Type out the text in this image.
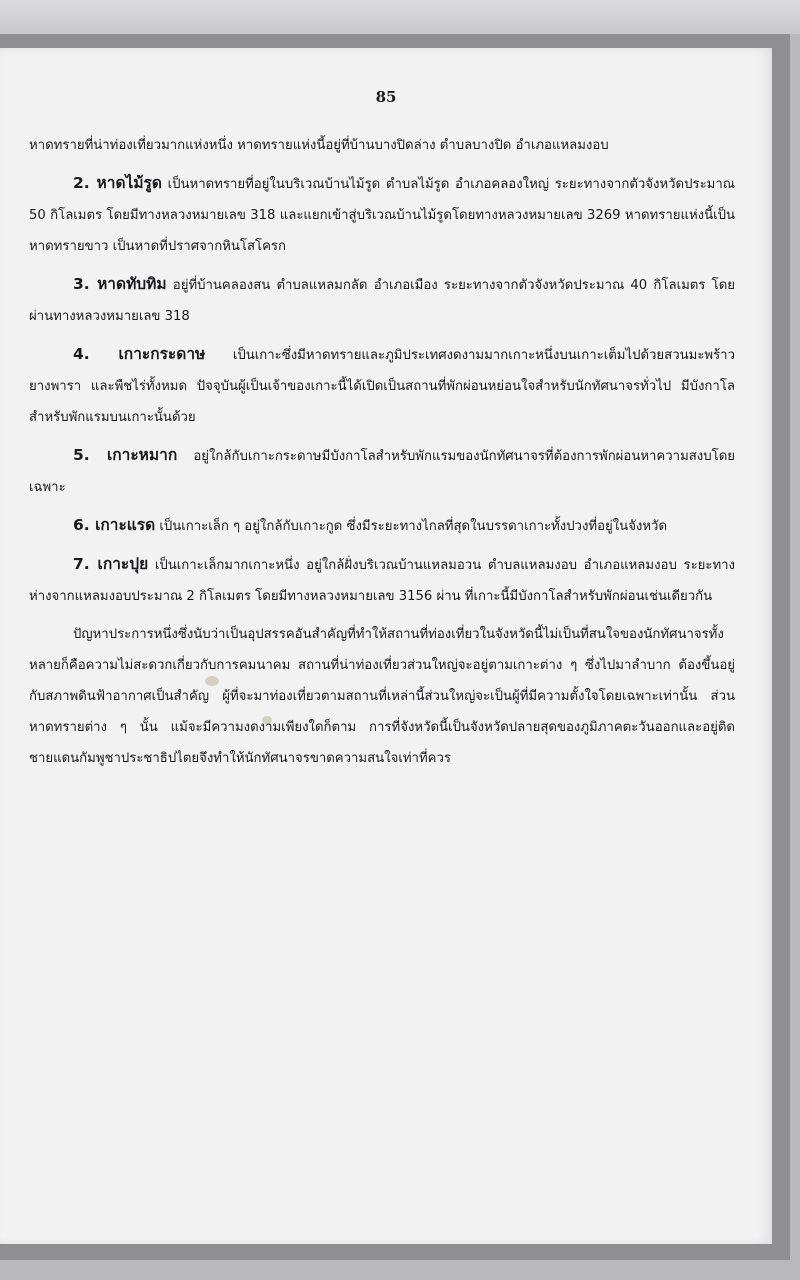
85

หาดทรายที่น่าท่องเที่ยวมากแห่งหนึ่ง หาดทรายแห่งนี้อยู่ที่บ้านบางปิดล่าง ตำบลบางปิด อำเภอแหลมงอบ

2. หาดไม้รูด เป็นหาดทรายที่อยู่ในบริเวณบ้านไม้รูด ตำบลไม้รูด อำเภอคลองใหญ่ ระยะทางจากตัวจังหวัดประมาณ 50 กิโลเมตร โดยมีทางหลวงหมายเลข 318 และแยกเข้าสู่บริเวณบ้านไม้รูดโดยทางหลวงหมายเลข 3269 หาดทรายแห่งนี้เป็นหาดทรายขาว เป็นหาดที่ปราศจากหินโสโครก

3. หาดทับทิม อยู่ที่บ้านคลองสน ตำบลแหลมกลัด อำเภอเมือง ระยะทางจากตัวจังหวัดประมาณ 40 กิโลเมตร โดยผ่านทางหลวงหมายเลข 318

4. เกาะกระดาษ เป็นเกาะซึ่งมีหาดทรายและภูมิประเทศงดงามมากเกาะหนึ่งบนเกาะเต็มไปด้วยสวนมะพร้าว ยางพารา และพืชไร่ทั้งหมด ปัจจุบันผู้เป็นเจ้าของเกาะนี้ได้เปิดเป็นสถานที่พักผ่อนหย่อนใจสำหรับนักทัศนาจรทั่วไป มีบังกาโลสำหรับพักแรมบนเกาะนั้นด้วย

5. เกาะหมาก อยู่ใกล้กับเกาะกระดาษมีบังกาโลสำหรับพักแรมของนักทัศนาจรที่ต้องการพักผ่อนหาความสงบโดยเฉพาะ

6. เกาะแรด เป็นเกาะเล็ก ๆ อยู่ใกล้กับเกาะกูด ซึ่งมีระยะทางไกลที่สุดในบรรดาเกาะทั้งปวงที่อยู่ในจังหวัด

7. เกาะปุย เป็นเกาะเล็กมากเกาะหนึ่ง อยู่ใกล้ฝั่งบริเวณบ้านแหลมอวน ตำบลแหลมงอบ อำเภอแหลมงอบ ระยะทางห่างจากแหลมงอบประมาณ 2 กิโลเมตร โดยมีทางหลวงหมายเลข 3156 ผ่าน ที่เกาะนี้มีบังกาโลสำหรับพักผ่อนเช่นเดียวกัน

ปัญหาประการหนึ่งซึ่งนับว่าเป็นอุปสรรคอันสำคัญที่ทำให้สถานที่ท่องเที่ยวในจังหวัดนี้ไม่เป็นที่สนใจของนักทัศนาจรทั้งหลายก็คือความไม่สะดวกเกี่ยวกับการคมนาคม สถานที่น่าท่องเที่ยวส่วนใหญ่จะอยู่ตามเกาะต่าง ๆ ซึ่งไปมาลำบาก ต้องขึ้นอยู่กับสภาพดินฟ้าอากาศเป็นสำคัญ ผู้ที่จะมาท่องเที่ยวตามสถานที่เหล่านี้ส่วนใหญ่จะเป็นผู้ที่มีความตั้งใจโดยเฉพาะเท่านั้น ส่วนหาดทรายต่าง ๆ นั้น แม้จะมีความงดงามเพียงใดก็ตาม การที่จังหวัดนี้เป็นจังหวัดปลายสุดของภูมิภาคตะวันออกและอยู่ติดชายแดนกัมพูชาประชาธิปไตยจึงทำให้นักทัศนาจรขาดความสนใจเท่าที่ควร
